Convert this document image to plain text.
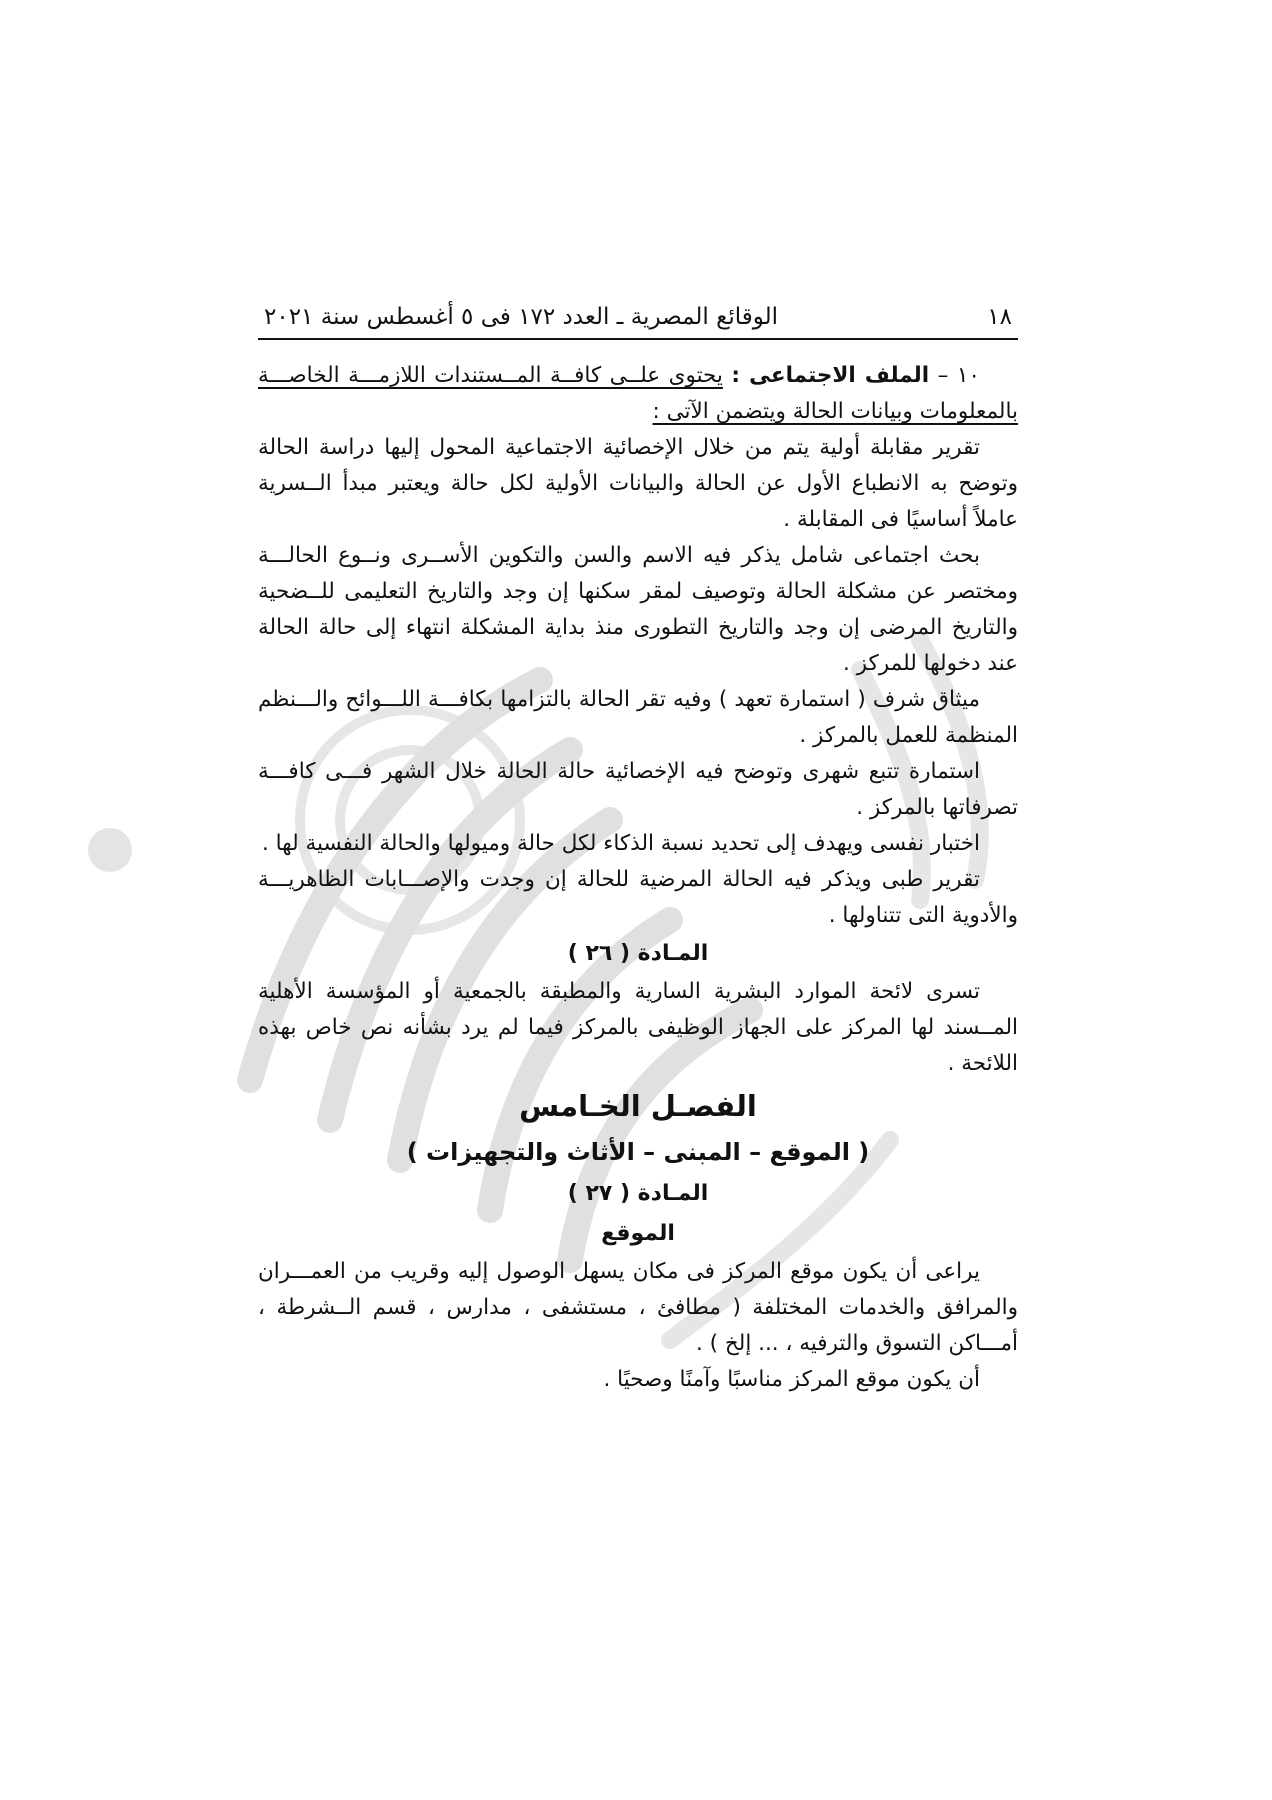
١٨
الوقائع المصرية ـ العدد ١٧٢ فى ٥ أغسطس سنة ٢٠٢١

١٠ – الملف الاجتماعى : يحتوى علــى كافــة المــستندات اللازمـــة الخاصـــة بالمعلومات وبيانات الحالة ويتضمن الآتى :

تقرير مقابلة أولية يتم من خلال الإخصائية الاجتماعية المحول إليها دراسة الحالة وتوضح به الانطباع الأول عن الحالة والبيانات الأولية لكل حالة ويعتبر مبدأ الــسرية عاملاً أساسيًا فى المقابلة .

بحث اجتماعى شامل يذكر فيه الاسم والسن والتكوين الأســرى ونــوع الحالـــة ومختصر عن مشكلة الحالة وتوصيف لمقر سكنها إن وجد والتاريخ التعليمى للــضحية والتاريخ المرضى إن وجد والتاريخ التطورى منذ بداية المشكلة انتهاء إلى حالة الحالة عند دخولها للمركز .

ميثاق شرف ( استمارة تعهد ) وفيه تقر الحالة بالتزامها بكافـــة اللـــوائح والـــنظم المنظمة للعمل بالمركز .

استمارة تتبع شهرى وتوضح فيه الإخصائية حالة الحالة خلال الشهر فـــى كافـــة تصرفاتها بالمركز .

اختبار نفسى ويهدف إلى تحديد نسبة الذكاء لكل حالة وميولها والحالة النفسية لها .

تقرير طبى ويذكر فيه الحالة المرضية للحالة إن وجدت والإصـــابات الظاهريـــة والأدوية التى تتناولها .

المـادة ( ٢٦ )

تسرى لائحة الموارد البشرية السارية والمطبقة بالجمعية أو المؤسسة الأهلية المــسند لها المركز على الجهاز الوظيفى بالمركز فيما لم يرد بشأنه نص خاص بهذه اللائحة .

الفصـل الخـامس

( الموقع – المبنى – الأثاث والتجهيزات )

المـادة ( ٢٧ )

الموقع

يراعى أن يكون موقع المركز فى مكان يسهل الوصول إليه وقريب من العمـــران والمرافق والخدمات المختلفة ( مطافئ ، مستشفى ، مدارس ، قسم الــشرطة ، أمـــاكن التسوق والترفيه ، ... إلخ ) .

أن يكون موقع المركز مناسبًا وآمنًا وصحيًا .
